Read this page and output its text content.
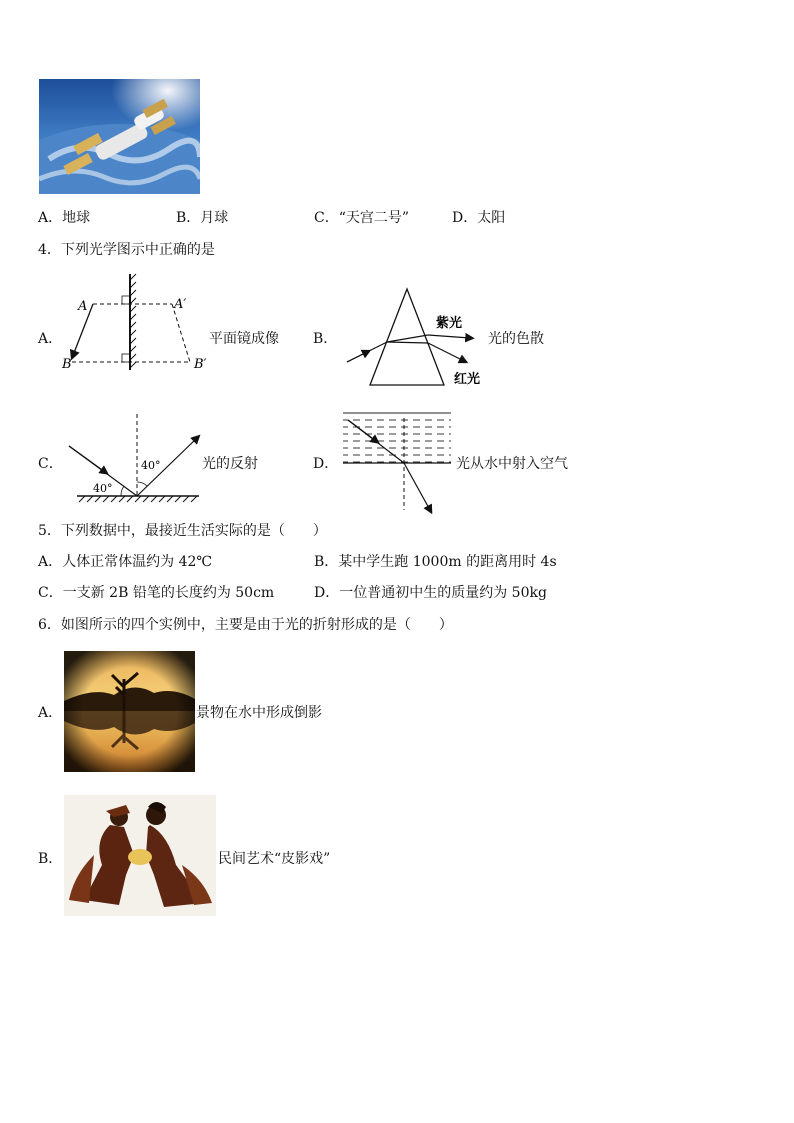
A．地球	B．月球	C．“天宫二号”	D．太阳
4．下列光学图示中正确的是
A．
A	A′
B	B′
平面镜成像 B．
紫光
红光
光的色散
C．	40°
40°
光的反射	D．	光从水中射入空气
5．下列数据中，最接近生活实际的是（　　）
A．人体正常体温约为 42℃	B．某中学生跑 1000m 的距离用时 4s
C．一支新 2B 铅笔的长度约为 50cm	D．一位普通初中生的质量约为 50kg
6．如图所示的四个实例中，主要是由于光的折射形成的是（　　）
A．	景物在水中形成倒影
B．	民间艺术“皮影戏”
